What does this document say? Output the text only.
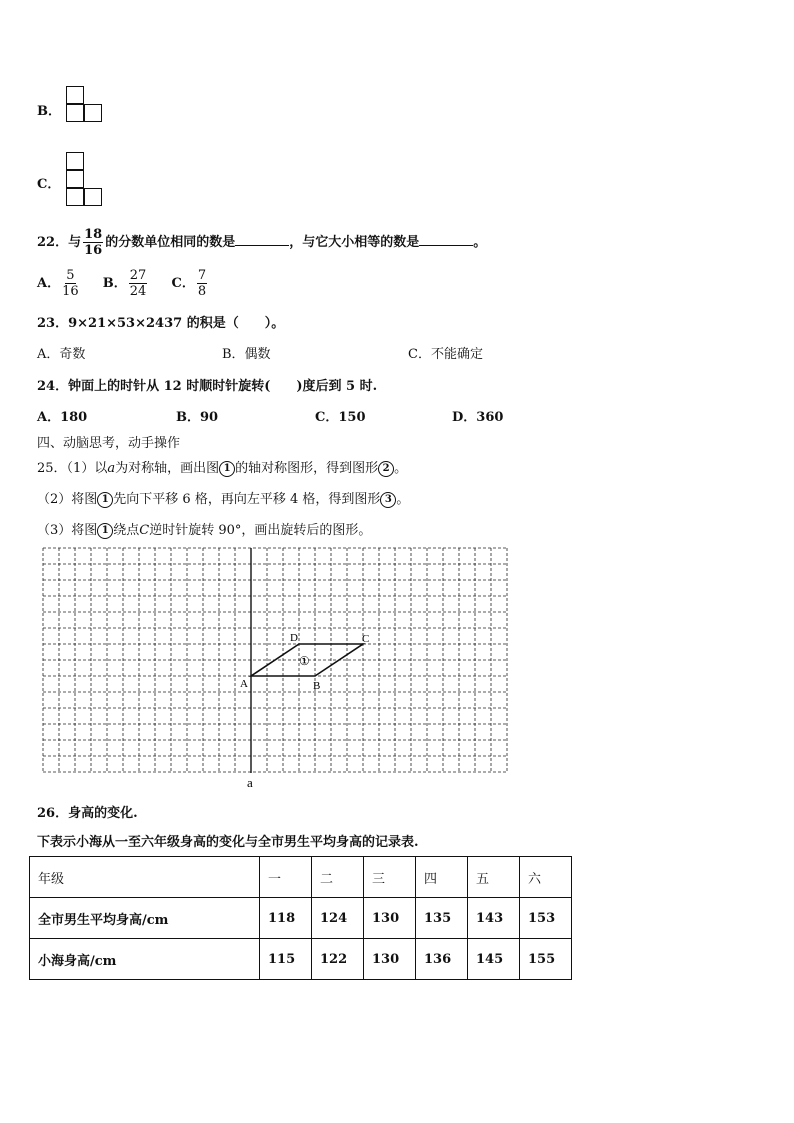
B．
C．
22．与 $\frac{18}{16}$ 的分数单位相同的数是	，与它大小相等的数是	。
A． $\frac{5}{16}$ B． $\frac{27}{24}$ C． $\frac{7}{8}$
23．9×21×53×2437 的积是（　　）。
A．奇数	B．偶数	C．不能确定
24．钟面上的时针从 12 时顺时针旋转(　　)度后到 5 时.
A．180	B．90	C．150	D．360
四、动脑思考，动手操作
25．（1）以a为对称轴，画出图 1 的轴对称图形，得到图形 2 。
（2）将图 1 先向下平移 6 格，再向左平移 4 格，得到图形 3 。
（3）将图 1 绕点C逆时针旋转 90°，画出旋转后的图形。
A	B
C
D
①
a
26．身高的变化.
下表示小海从一至六年级身高的变化与全市男生平均身高的记录表.
年级	一	二	三	四	五	六
全市男生平均身高/cm	118	124	130	135	143	153
小海身高/cm	115	122	130	136	145	155
